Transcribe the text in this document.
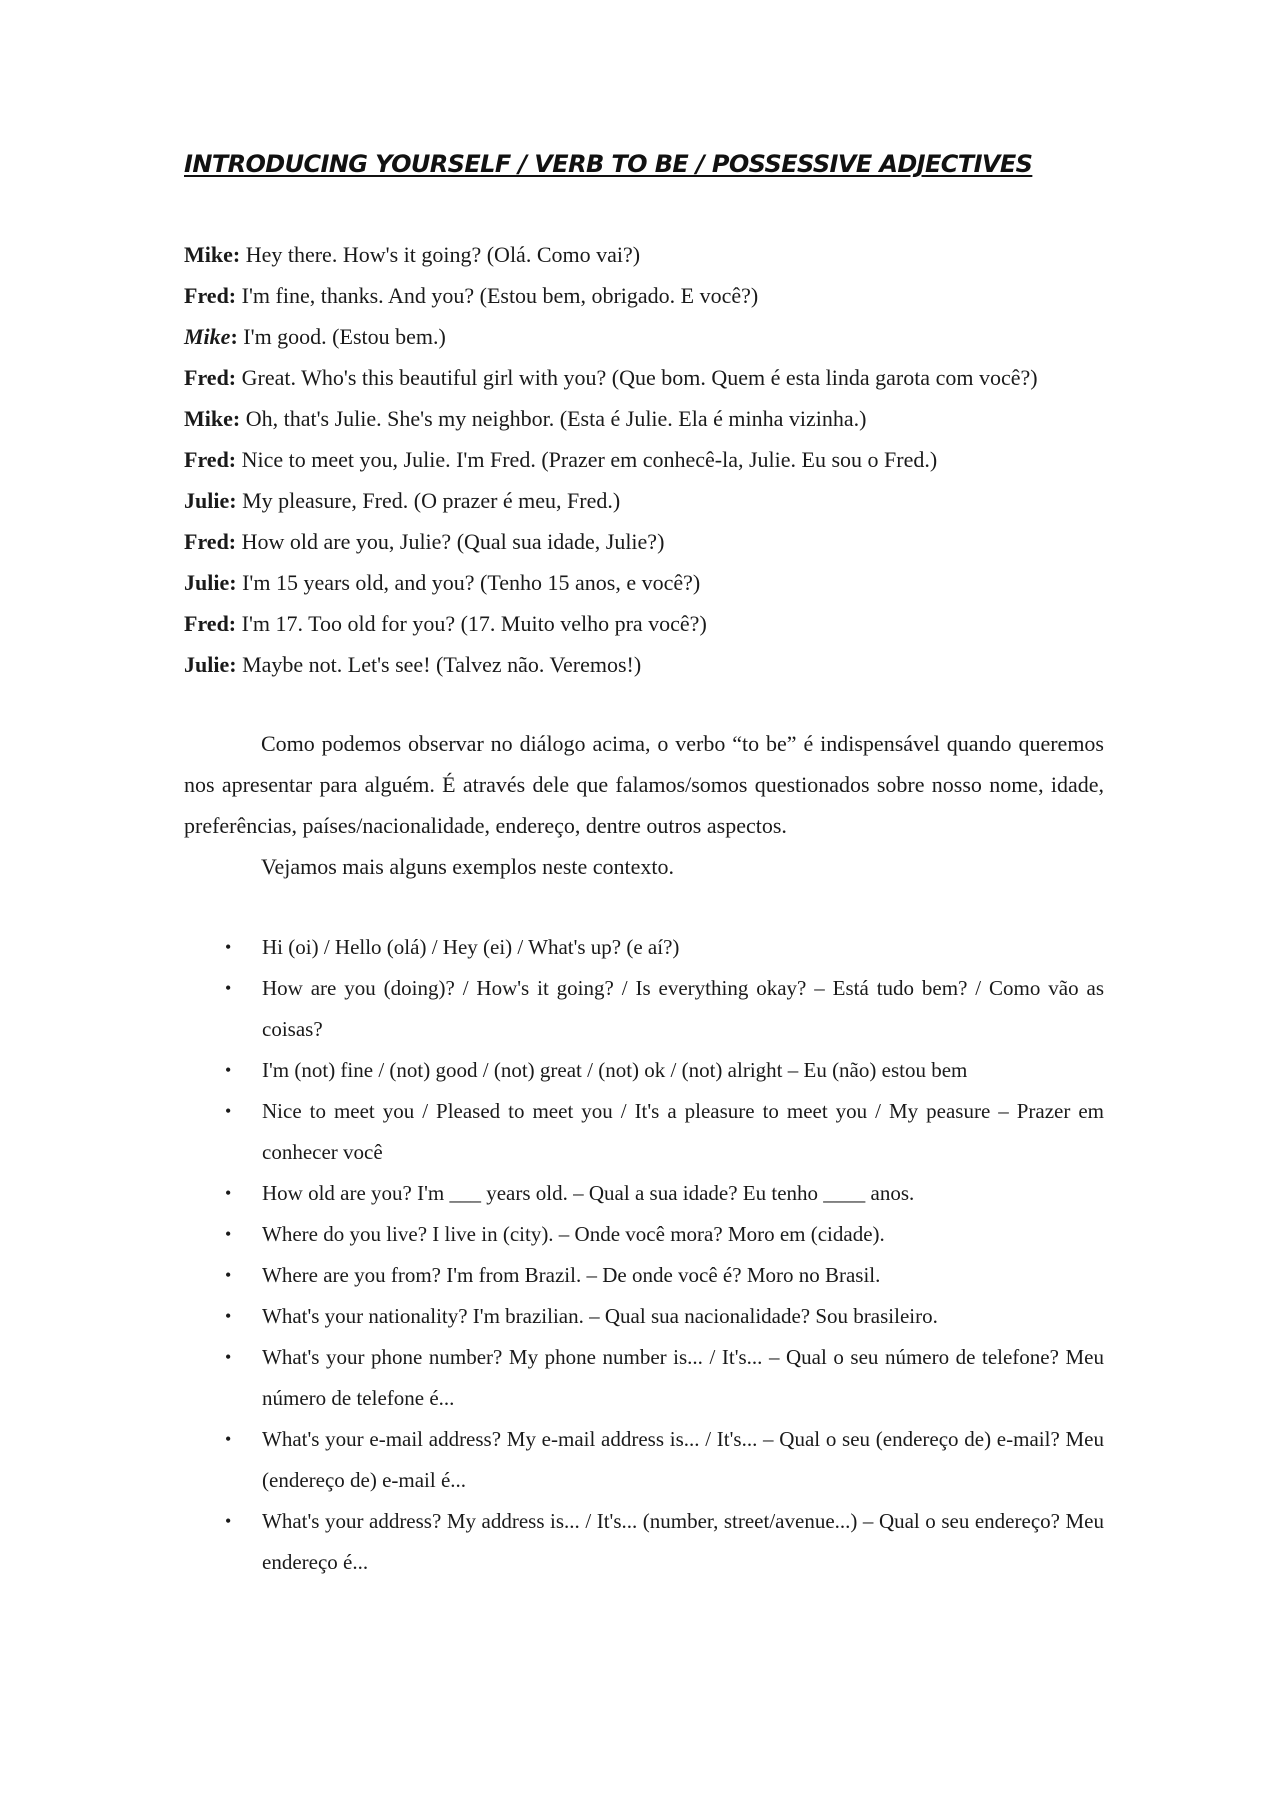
INTRODUCING YOURSELF / VERB TO BE / POSSESSIVE ADJECTIVES

Mike: Hey there. How's it going? (Olá. Como vai?)

Fred: I'm fine, thanks. And you? (Estou bem, obrigado. E você?)

Mike: I'm good. (Estou bem.)

Fred: Great. Who's this beautiful girl with you? (Que bom. Quem é esta linda garota com você?)

Mike: Oh, that's Julie. She's my neighbor. (Esta é Julie. Ela é minha vizinha.)

Fred: Nice to meet you, Julie. I'm Fred. (Prazer em conhecê-la, Julie. Eu sou o Fred.)

Julie: My pleasure, Fred. (O prazer é meu, Fred.)

Fred: How old are you, Julie? (Qual sua idade, Julie?)

Julie: I'm 15 years old, and you? (Tenho 15 anos, e você?)

Fred: I'm 17. Too old for you? (17. Muito velho pra você?)

Julie: Maybe not. Let's see! (Talvez não. Veremos!)

Como podemos observar no diálogo acima, o verbo “to be” é indispensável quando queremos nos apresentar para alguém. É através dele que falamos/somos questionados sobre nosso nome, idade, preferências, países/nacionalidade, endereço, dentre outros aspectos.

Vejamos mais alguns exemplos neste contexto.

• Hi (oi) / Hello (olá) / Hey (ei) / What's up? (e aí?)
• How are you (doing)? / How's it going? / Is everything okay? – Está tudo bem? / Como vão as coisas?
• I'm (not) fine / (not) good / (not) great / (not) ok / (not) alright – Eu (não) estou bem
• Nice to meet you / Pleased to meet you / It's a pleasure to meet you / My peasure – Prazer em conhecer você
• How old are you? I'm ___ years old. – Qual a sua idade? Eu tenho ____ anos.
• Where do you live? I live in (city). – Onde você mora? Moro em (cidade).
• Where are you from? I'm from Brazil. – De onde você é? Moro no Brasil.
• What's your nationality? I'm brazilian. – Qual sua nacionalidade? Sou brasileiro.
• What's your phone number? My phone number is... / It's... – Qual o seu número de telefone? Meu número de telefone é...
• What's your e-mail address? My e-mail address is... / It's... – Qual o seu (endereço de) e-mail? Meu (endereço de) e-mail é...
• What's your address? My address is... / It's... (number, street/avenue...) – Qual o seu endereço? Meu endereço é...
